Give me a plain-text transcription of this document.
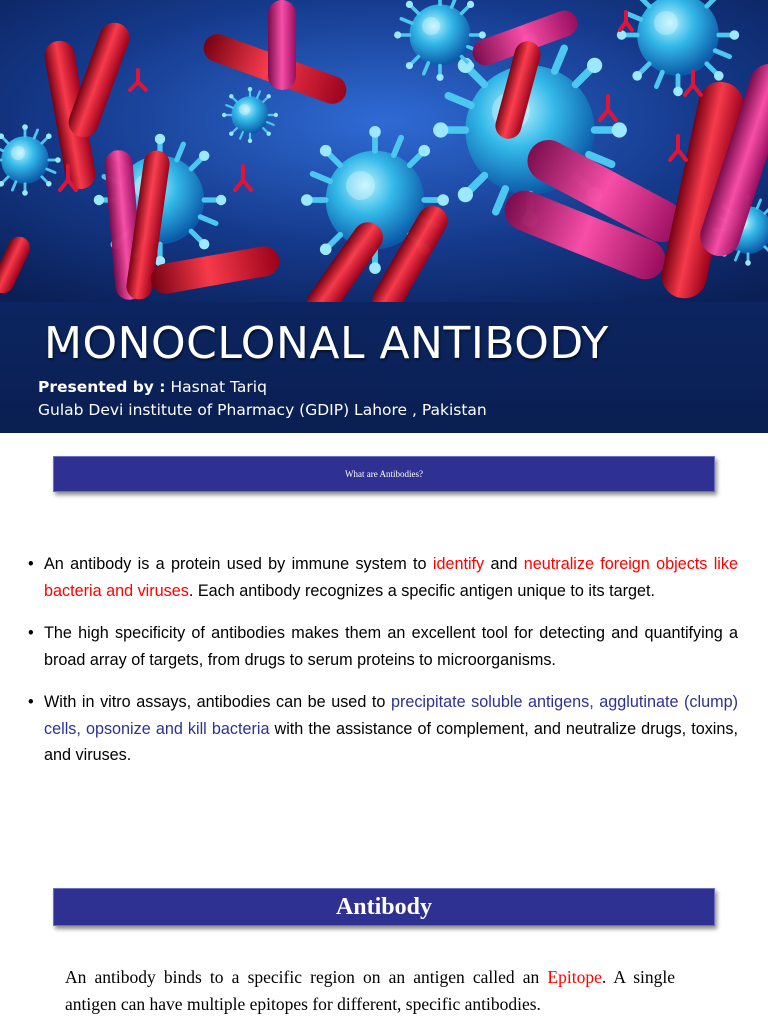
MONOCLONAL ANTIBODY
Presented by : Hasnat Tariq
Gulab Devi institute of Pharmacy (GDIP) Lahore , Pakistan
What are Antibodies?
• An antibody is a protein used by immune system to identify and neutralize foreign objects like bacteria and viruses. Each antibody recognizes a specific antigen unique to its target.
• The high specificity of antibodies makes them an excellent tool for detecting and quantifying a broad array of targets, from drugs to serum proteins to microorganisms.
• With in vitro assays, antibodies can be used to precipitate soluble antigens, agglutinate (clump) cells, opsonize and kill bacteria with the assistance of complement, and neutralize drugs, toxins, and viruses.
Antibody
An antibody binds to a specific region on an antigen called an Epitope. A single antigen can have multiple epitopes for different, specific antibodies.
